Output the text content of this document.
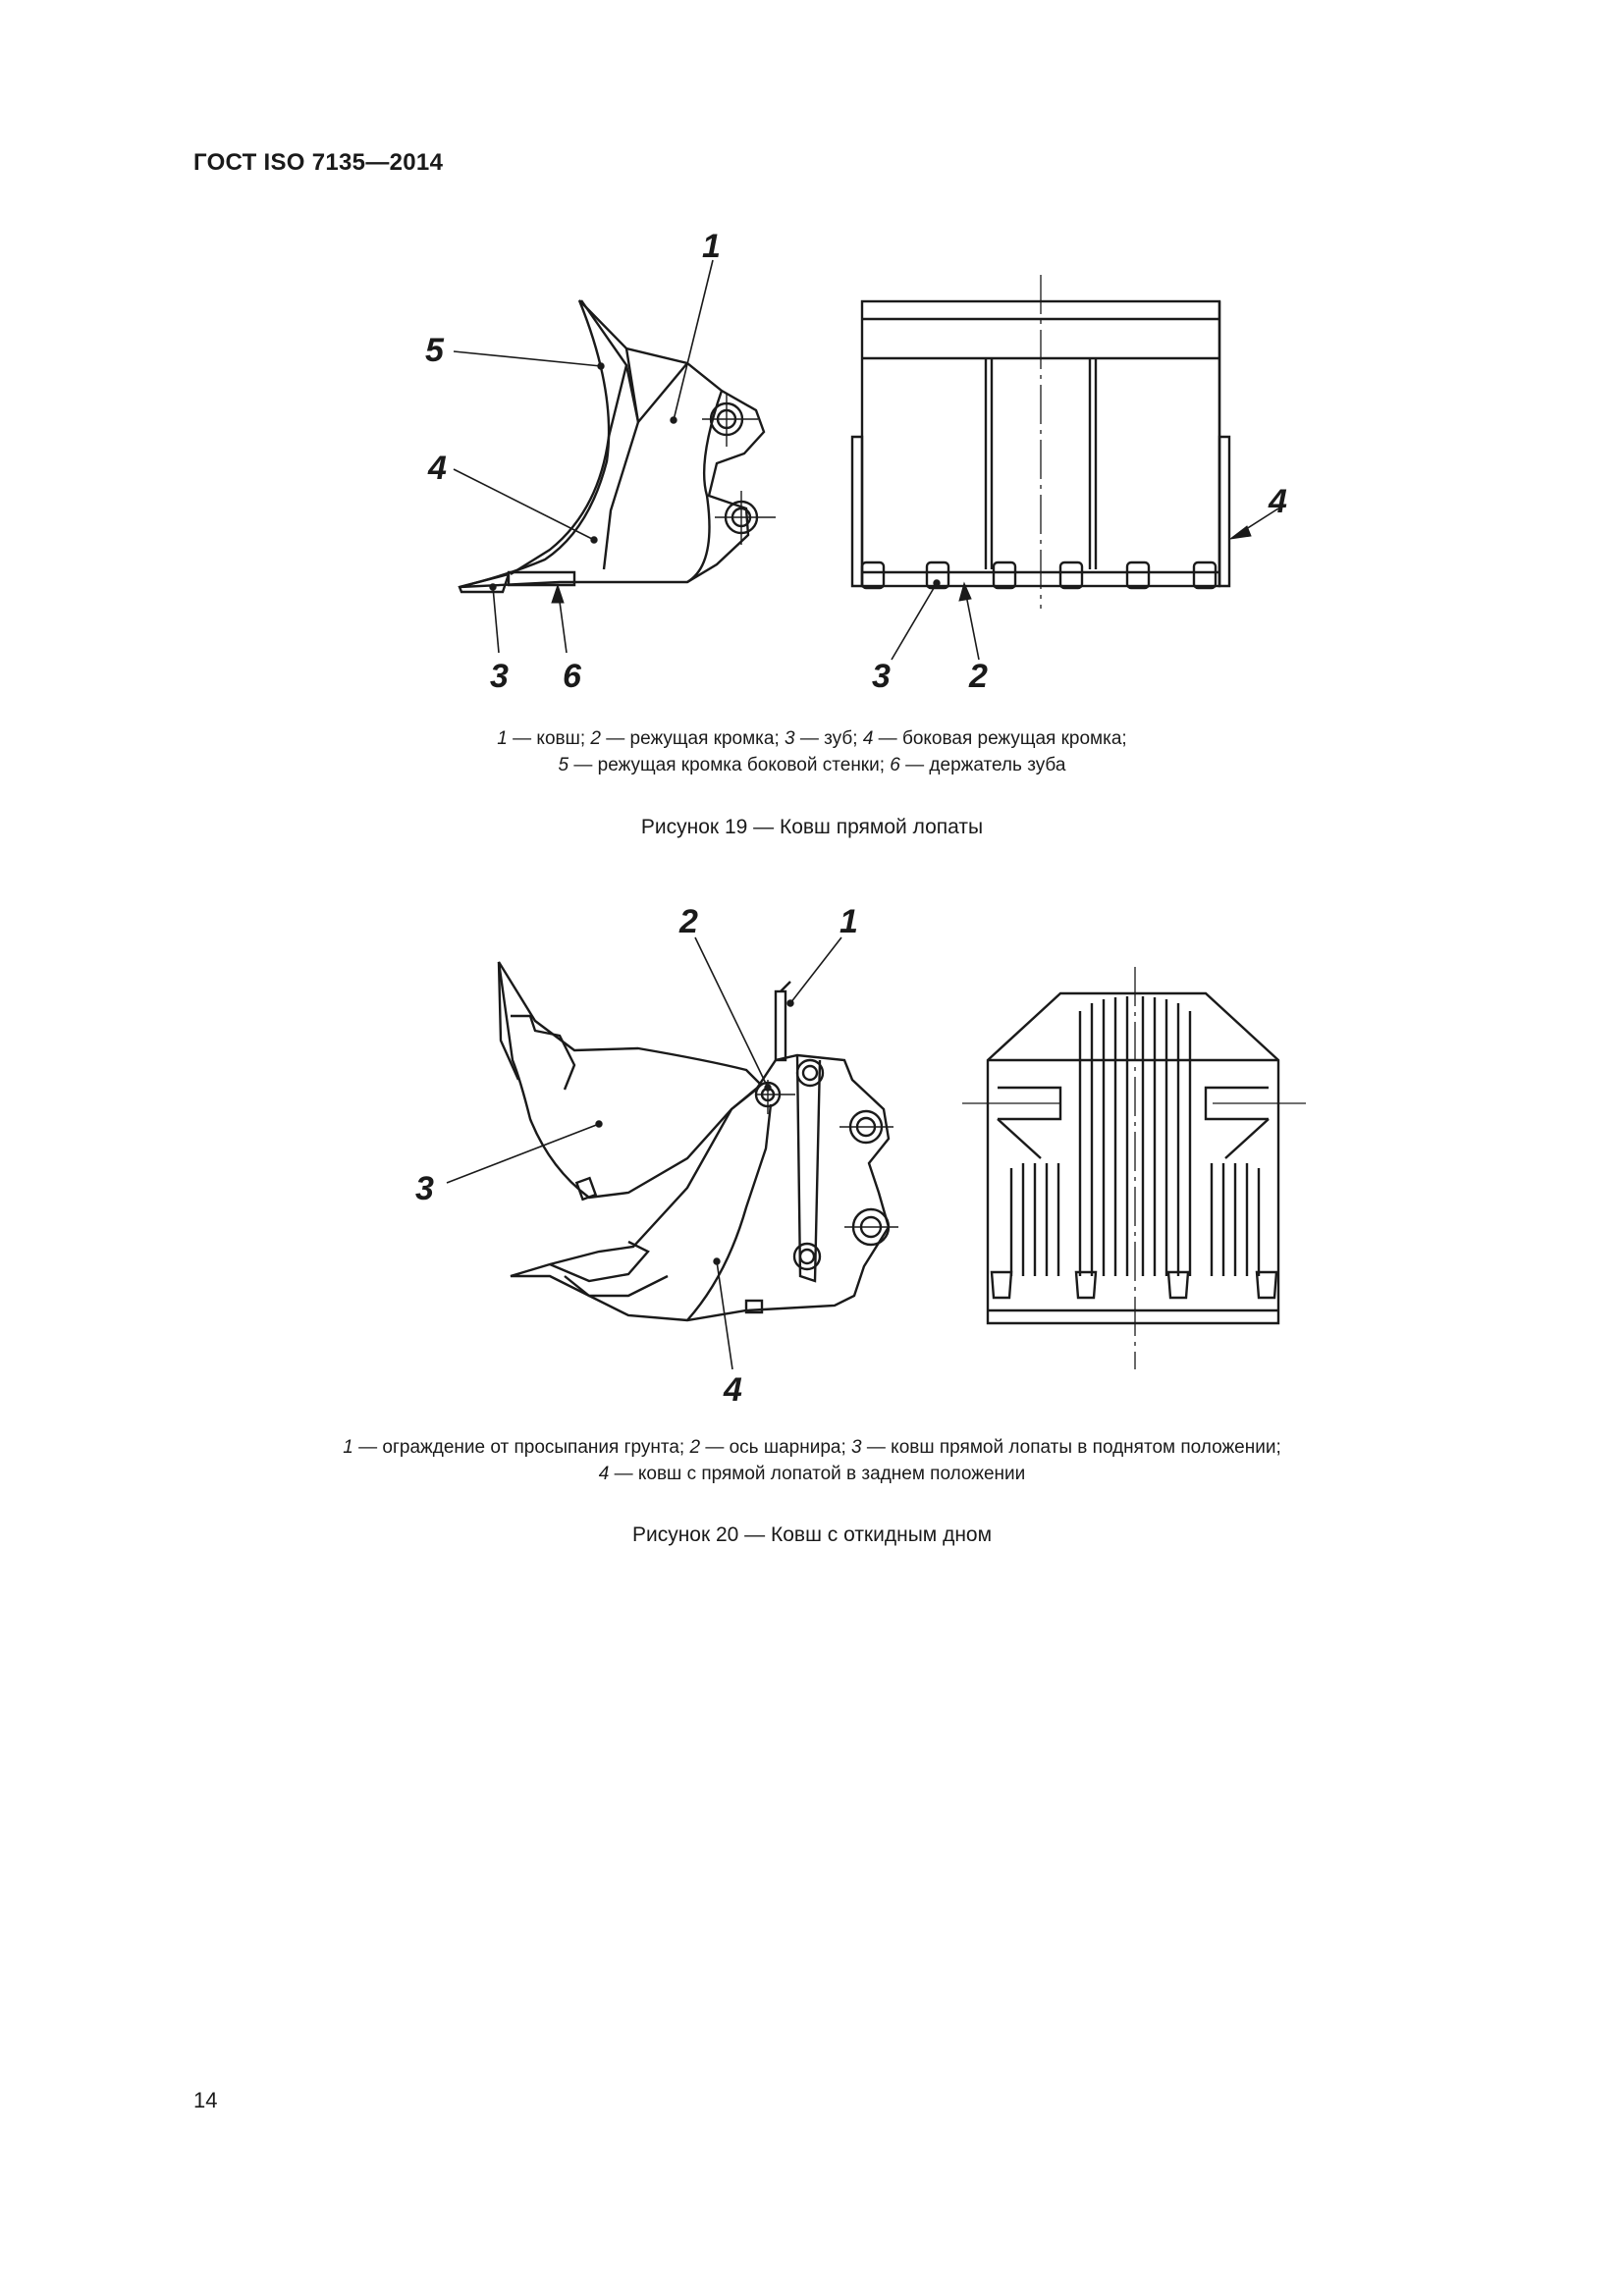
ГОСТ ISO 7135—2014
1
5
4
3 6
4
3 2
1 — ковш; 2 — режущая кромка; 3 — зуб; 4 — боковая режущая кромка;
5 — режущая кромка боковой стенки; 6 — держатель зуба
Рисунок 19 — Ковш прямой лопаты
1
2
3
4
1 — ограждение от просыпания грунта; 2 — ось шарнира; 3 — ковш прямой лопаты в поднятом положении;
4 — ковш с прямой лопатой в заднем положении
Рисунок 20 — Ковш с откидным дном
14
